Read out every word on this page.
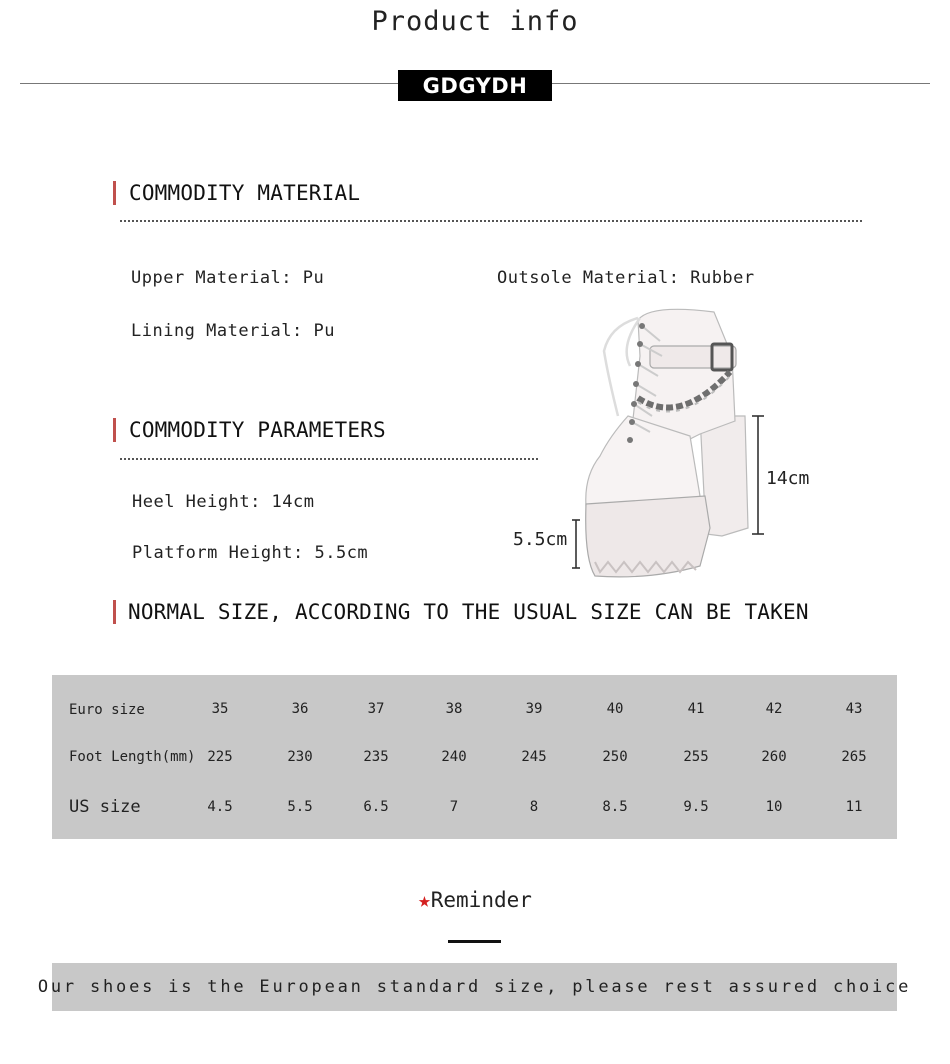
Product info
GDGYDH
COMMODITY MATERIAL
Upper Material: Pu	Outsole Material: Rubber
Lining Material: Pu
COMMODITY PARAMETERS
Heel Height: 14cm
Platform Height: 5.5cm
14cm
5.5cm
NORMAL SIZE, ACCORDING TO THE USUAL SIZE CAN BE TAKEN
Euro size	35	36	37	38	39	40	41	42	43
Foot Length(mm) 225	230	235	240	245	250	255	260	265
US size	4.5	5.5	6.5	7	8	8.5	9.5	10	11
★Reminder
Our shoes is the European standard size, please rest assured choice
